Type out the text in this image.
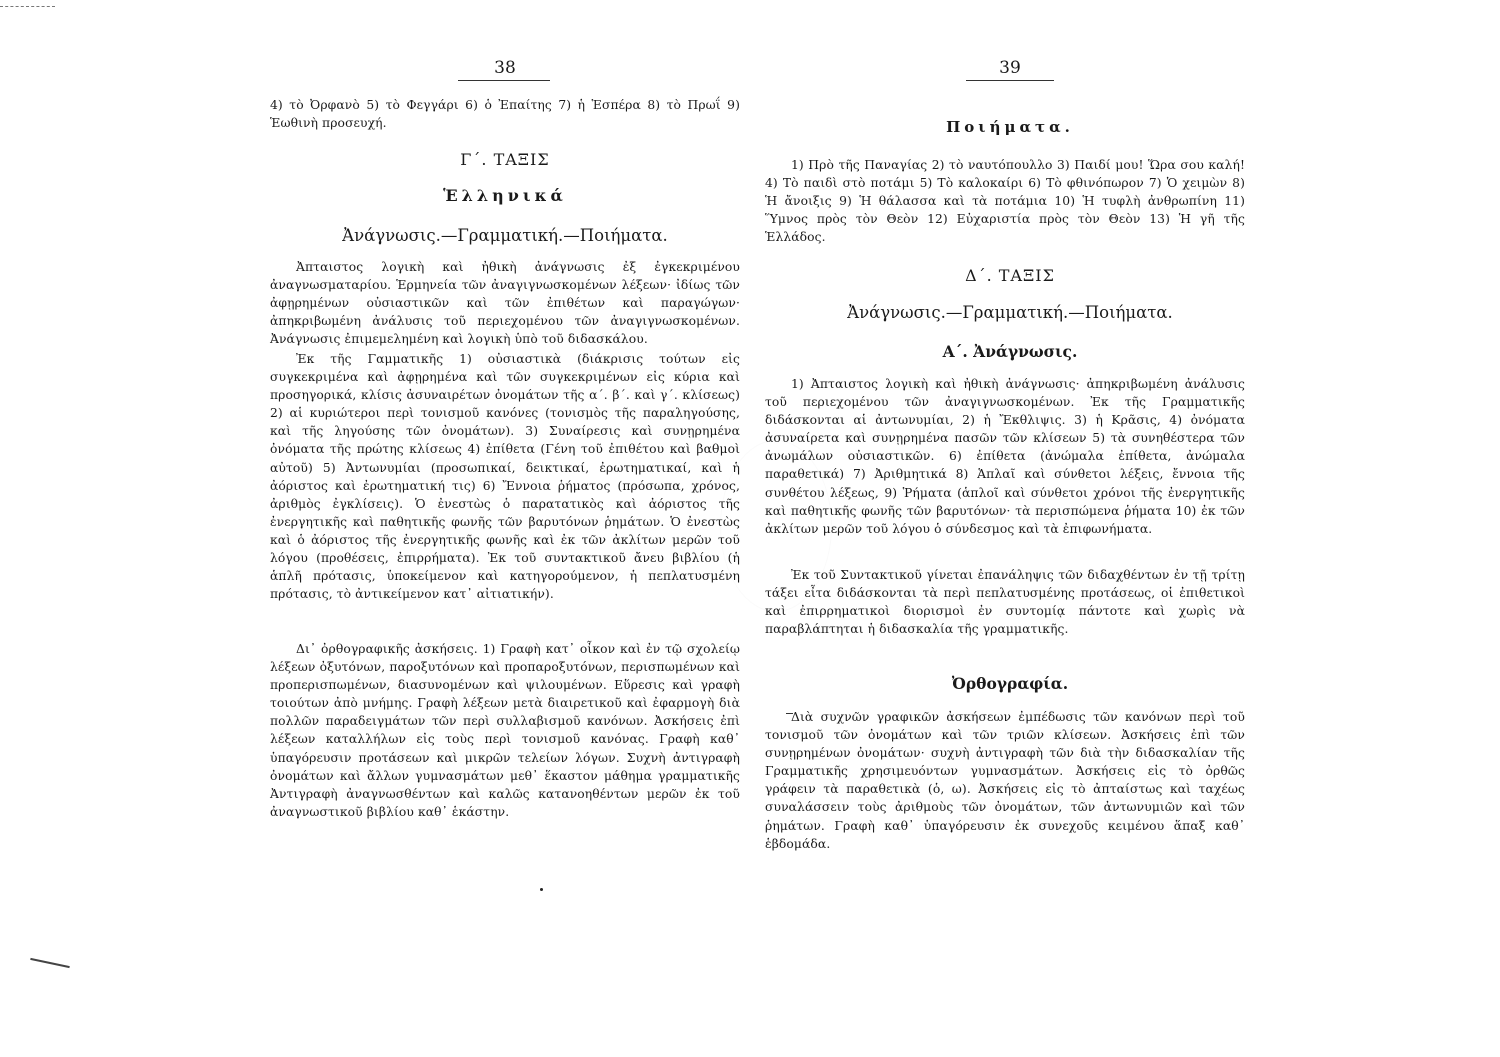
38
4) τὸ Ὀρφανὸ 5) τὸ Φεγγάρι 6) ὁ Ἐπαίτης 7) ἡ Ἑσπέρα 8) τὸ Πρωΐ 9) Ἑωθινὴ προσευχή.
Γ΄. ΤΑΞΙΣ
Ἑλληνικά
Ἀνάγνωσις.—Γραμματική.—Ποιήματα.
Ἀπταιστος λογικὴ καὶ ἠθικὴ ἀνάγνωσις ἐξ ἐγκεκριμένου ἀναγνωσματαρίου. Ἑρμηνεία τῶν ἀναγιγνωσκομένων λέξεων· ἰδίως τῶν ἀφῃρημένων οὐσιαστικῶν καὶ τῶν ἐπιθέτων καὶ παραγώγων· ἀπηκριβωμένη ἀνάλυσις τοῦ περιεχομένου τῶν ἀναγιγνωσκομένων. Ἀνάγνωσις ἐπιμεμελημένη καὶ λογικὴ ὑπὸ τοῦ διδασκάλου.
Ἐκ τῆς Γαμματικῆς 1) οὐσιαστικὰ (διάκρισις τούτων εἰς συγκεκριμένα καὶ ἀφῃρημένα καὶ τῶν συγκεκριμένων εἰς κύρια καὶ προσηγορικά, κλίσις ἀσυναιρέτων ὀνομάτων τῆς α΄. β΄. καὶ γ΄. κλίσεως) 2) αἱ κυριώτεροι περὶ τονισμοῦ κανόνες (τονισμὸς τῆς παραληγούσης, καὶ τῆς ληγούσης τῶν ὀνομάτων). 3) Συναίρεσις καὶ συνῃρημένα ὀνόματα τῆς πρώτης κλίσεως 4) ἐπίθετα (Γένη τοῦ ἐπιθέτου καὶ βαθμοὶ αὐτοῦ) 5) Ἀντωνυμίαι (προσωπικαί, δεικτικαί, ἐρωτηματικαί, καὶ ἡ ἀόριστος καὶ ἐρωτηματική τις) 6) Ἔννοια ῥήματος (πρόσωπα, χρόνος, ἀριθμὸς ἐγκλίσεις). Ὁ ἐνεστὼς ὁ παρατατικὸς καὶ ἀόριστος τῆς ἐνεργητικῆς καὶ παθητικῆς φωνῆς τῶν βαρυτόνων ῥημάτων. Ὁ ἐνεστὼς καὶ ὁ ἀόριστος τῆς ἐνεργητικῆς φωνῆς καὶ ἐκ τῶν ἀκλίτων μερῶν τοῦ λόγου (προθέσεις, ἐπιρρήματα). Ἐκ τοῦ συντακτικοῦ ἄνευ βιβλίου (ἡ ἁπλῆ πρότασις, ὑποκείμενον καὶ κατηγορούμενον, ἡ πεπλατυσμένη πρότασις, τὸ ἀντικείμενον κατ᾽ αἰτιατικήν).
Δι᾽ ὀρθογραφικῆς ἀσκήσεις. 1) Γραφὴ κατ᾽ οἶκον καὶ ἐν τῷ σχολείῳ λέξεων ὀξυτόνων, παροξυτόνων καὶ προπαροξυτόνων, περισπωμένων καὶ προπερισπωμένων, διασυνομένων καὶ ψιλουμένων. Εὕρεσις καὶ γραφὴ τοιούτων ἀπὸ μνήμης. Γραφὴ λέξεων μετὰ διαιρετικοῦ καὶ ἐφαρμογὴ διὰ πολλῶν παραδειγμάτων τῶν περὶ συλλαβισμοῦ κανόνων. Ἀσκήσεις ἐπὶ λέξεων καταλλήλων εἰς τοὺς περὶ τονισμοῦ κανόνας. Γραφὴ καθ᾽ ὑπαγόρευσιν προτάσεων καὶ μικρῶν τελείων λόγων. Συχνὴ ἀντιγραφὴ ὀνομάτων καὶ ἄλλων γυμνασμάτων μεθ᾽ ἕκαστον μάθημα γραμματικῆς Ἀντιγραφὴ ἀναγνωσθέντων καὶ καλῶς κατανοηθέντων μερῶν ἐκ τοῦ ἀναγνωστικοῦ βιβλίου καθ᾽ ἑκάστην.
39
Ποιήματα.
1) Πρὸ τῆς Παναγίας 2) τὸ ναυτόπουλλο 3) Παιδί μου! Ὥρα σου καλή! 4) Τὸ παιδὶ στὸ ποτάμι 5) Τὸ καλοκαίρι 6) Τὸ φθινόπωρον 7) Ὁ χειμὼν 8) Ἡ ἄνοιξις 9) Ἡ θάλασσα καὶ τὰ ποτάμια 10) Ἡ τυφλὴ ἀνθρωπίνη 11) Ὕμνος πρὸς τὸν Θεὸν 12) Εὐχαριστία πρὸς τὸν Θεὸν 13) Ἡ γῆ τῆς Ἑλλάδος.
Δ΄. ΤΑΞΙΣ
Ἀνάγνωσις.—Γραμματική.—Ποιήματα.
Α΄. Ἀνάγνωσις.
1) Ἀπταιστος λογικὴ καὶ ἠθικὴ ἀνάγνωσις· ἀπηκριβωμένη ἀνάλυσις τοῦ περιεχομένου τῶν ἀναγιγνωσκομένων. Ἐκ τῆς Γραμματικῆς διδάσκονται αἱ ἀντωνυμίαι, 2) ἡ Ἔκθλιψις. 3) ἡ Κρᾶσις, 4) ὀνόματα ἀσυναίρετα καὶ συνῃρημένα πασῶν τῶν κλίσεων 5) τὰ συνηθέστερα τῶν ἀνωμάλων οὐσιαστικῶν. 6) ἐπίθετα (ἀνώμαλα ἐπίθετα, ἀνώμαλα παραθετικά) 7) Ἀριθμητικά 8) Ἁπλαῖ καὶ σύνθετοι λέξεις, ἔννοια τῆς συνθέτου λέξεως, 9) Ῥήματα (ἁπλοῖ καὶ σύνθετοι χρόνοι τῆς ἐνεργητικῆς καὶ παθητικῆς φωνῆς τῶν βαρυτόνων· τὰ περισπώμενα ῥήματα 10) ἐκ τῶν ἀκλίτων μερῶν τοῦ λόγου ὁ σύνδεσμος καὶ τὰ ἐπιφωνήματα.
Ἐκ τοῦ Συντακτικοῦ γίνεται ἐπανάληψις τῶν διδαχθέντων ἐν τῇ τρίτῃ τάξει εἶτα διδάσκονται τὰ περὶ πεπλατυσμένης προτάσεως, οἱ ἐπιθετικοὶ καὶ ἐπιρρηματικοὶ διορισμοὶ ἐν συντομίᾳ πάντοτε καὶ χωρὶς νὰ παραβλάπτηται ἡ διδασκαλία τῆς γραμματικῆς.
Ὀρθογραφία.
Διὰ συχνῶν γραφικῶν ἀσκήσεων ἐμπέδωσις τῶν κανόνων περὶ τοῦ τονισμοῦ τῶν ὀνομάτων καὶ τῶν τριῶν κλίσεων. Ἀσκήσεις ἐπὶ τῶν συνῃρημένων ὀνομάτων· συχνὴ ἀντιγραφὴ τῶν διὰ τὴν διδασκαλίαν τῆς Γραμματικῆς χρησιμευόντων γυμνασμάτων. Ἀσκήσεις εἰς τὸ ὀρθῶς γράφειν τὰ παραθετικὰ (ὁ, ω). Ἀσκήσεις εἰς τὸ ἀπταίστως καὶ ταχέως συναλάσσειν τοὺς ἀριθμοὺς τῶν ὀνομάτων, τῶν ἀντωνυμιῶν καὶ τῶν ῥημάτων. Γραφὴ καθ᾽ ὑπαγόρευσιν ἐκ συνεχοῦς κειμένου ἅπαξ καθ᾽ ἑβδομάδα.
